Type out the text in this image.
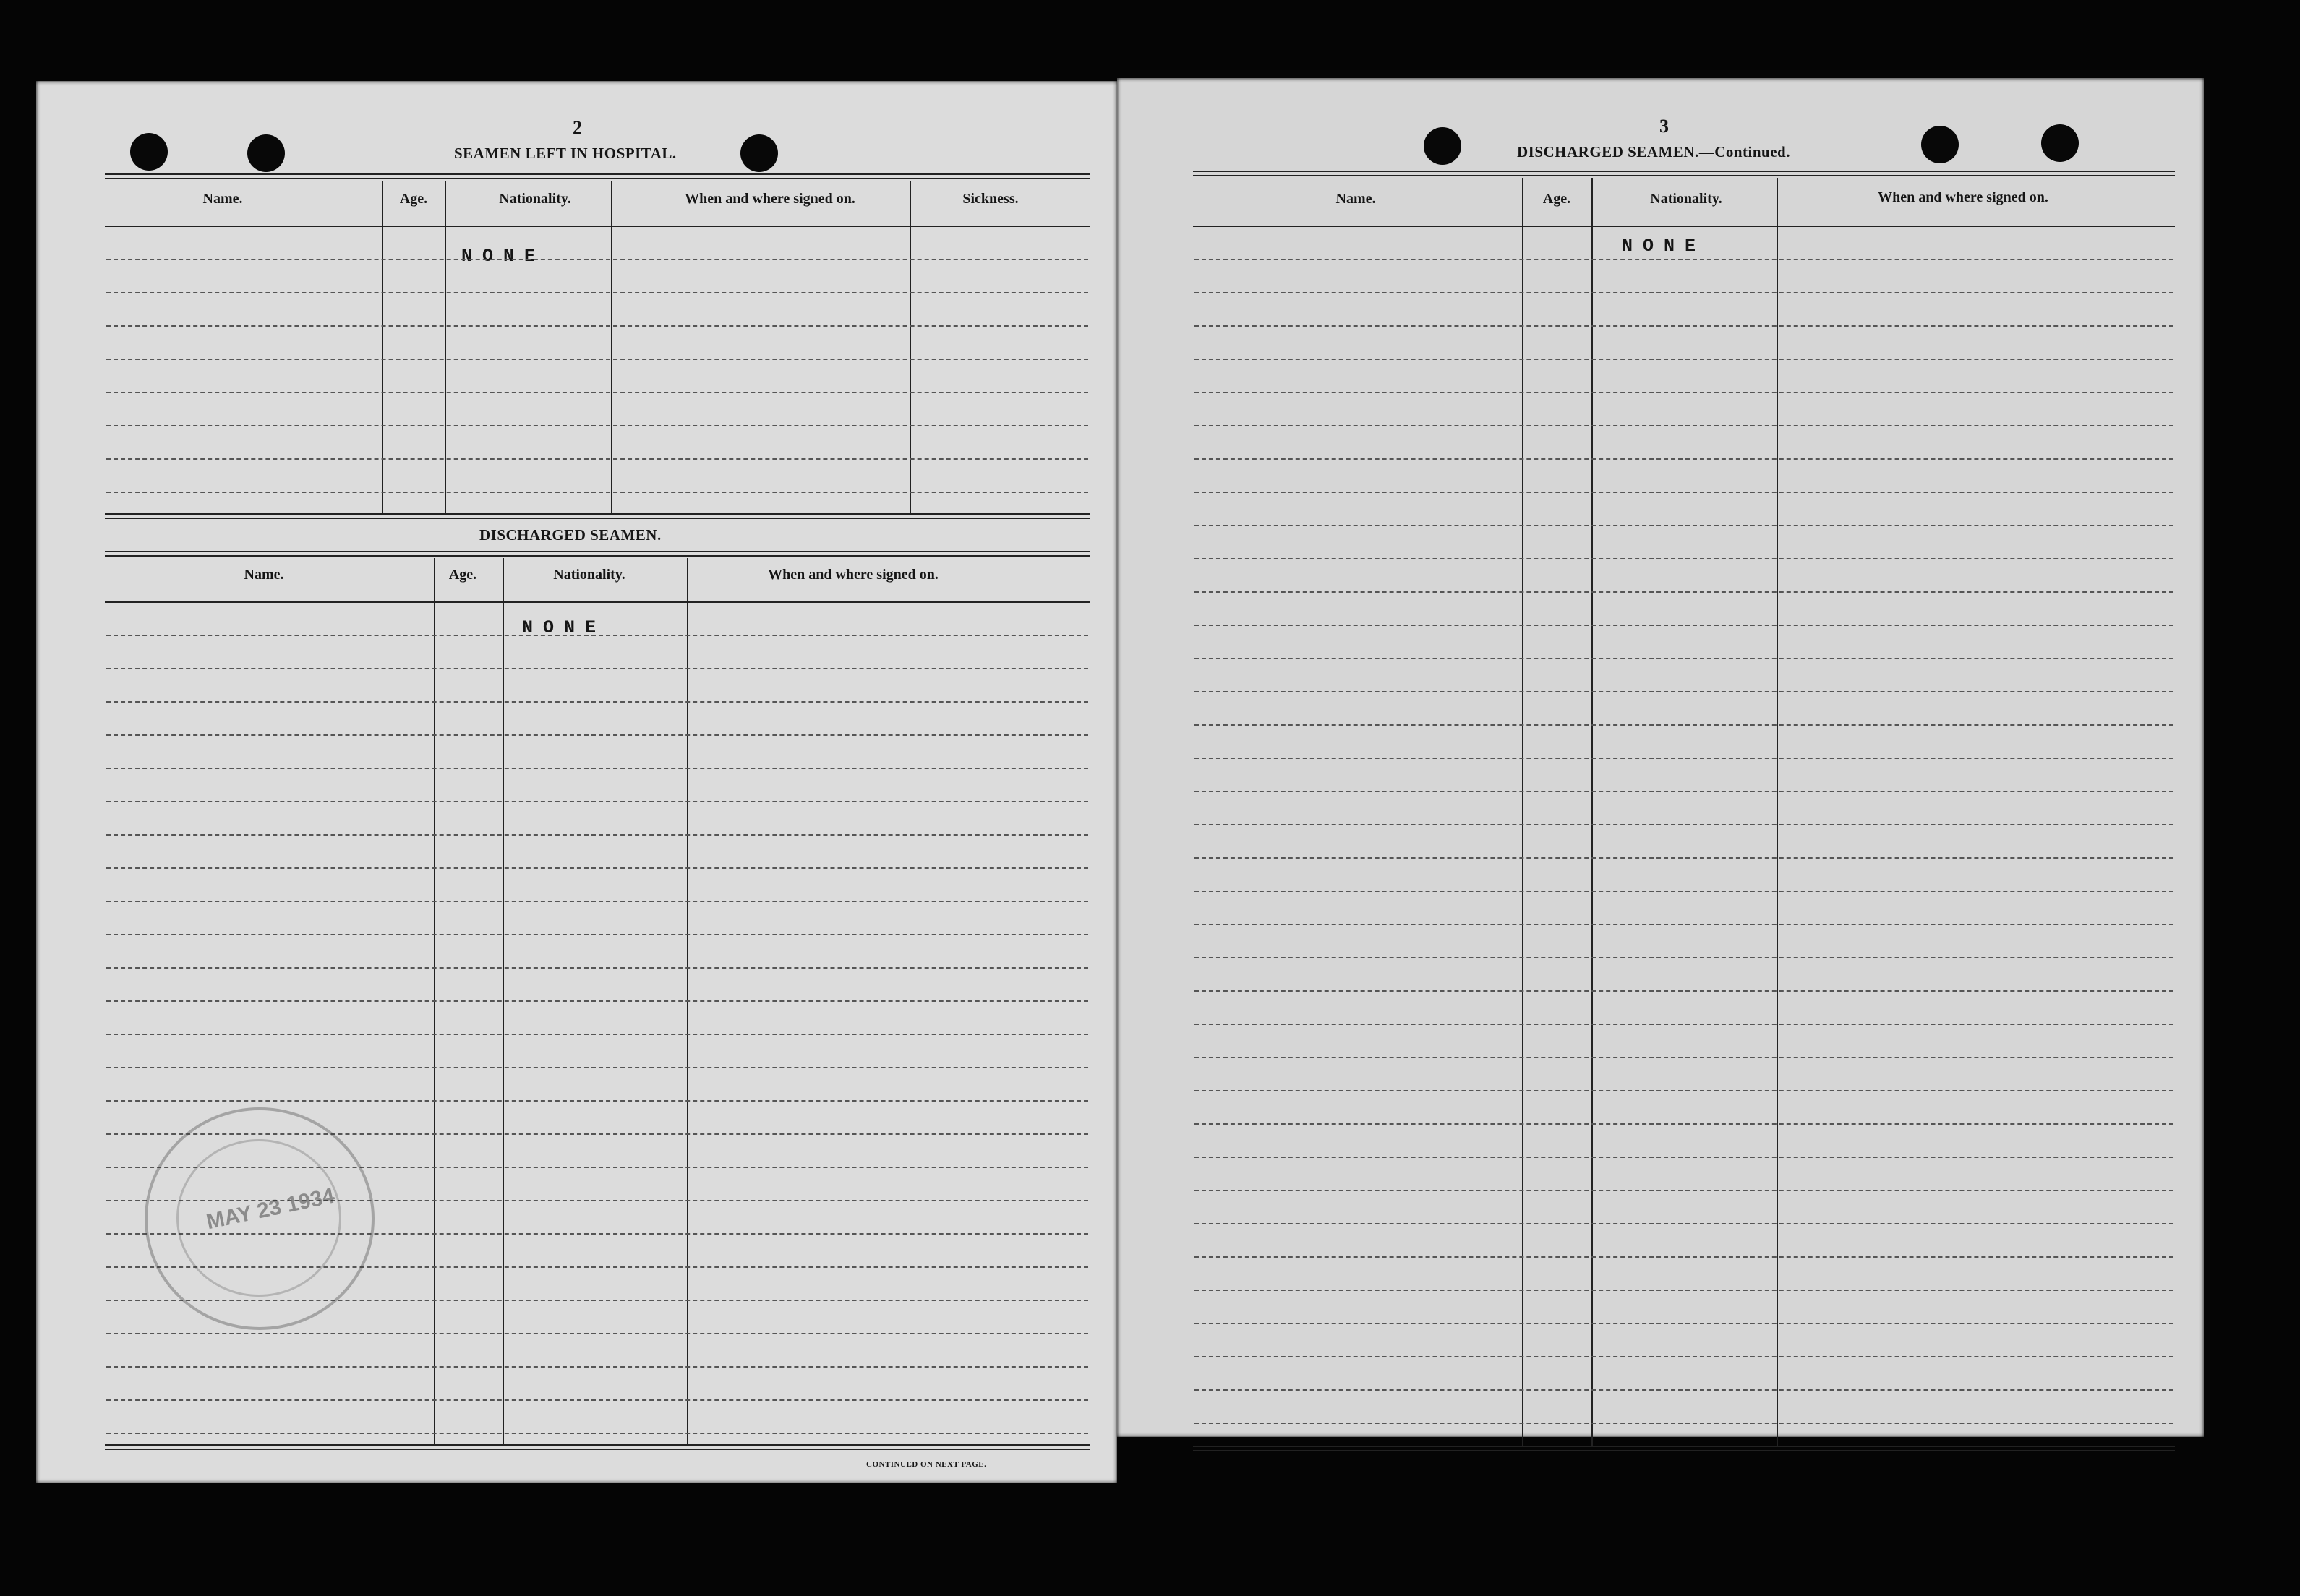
2
SEAMEN LEFT IN HOSPITAL.
Name.	Age.	Nationality.	When and where signed on.	Sickness.
NONE
DISCHARGED SEAMEN.
Name.	Age.	Nationality.	When and where signed on.
NONE
CONTINUED ON NEXT PAGE.
MAY 23 1934
3
DISCHARGED SEAMEN.—Continued.
Name.	Age.	Nationality.	When and where signed on.
NONE
